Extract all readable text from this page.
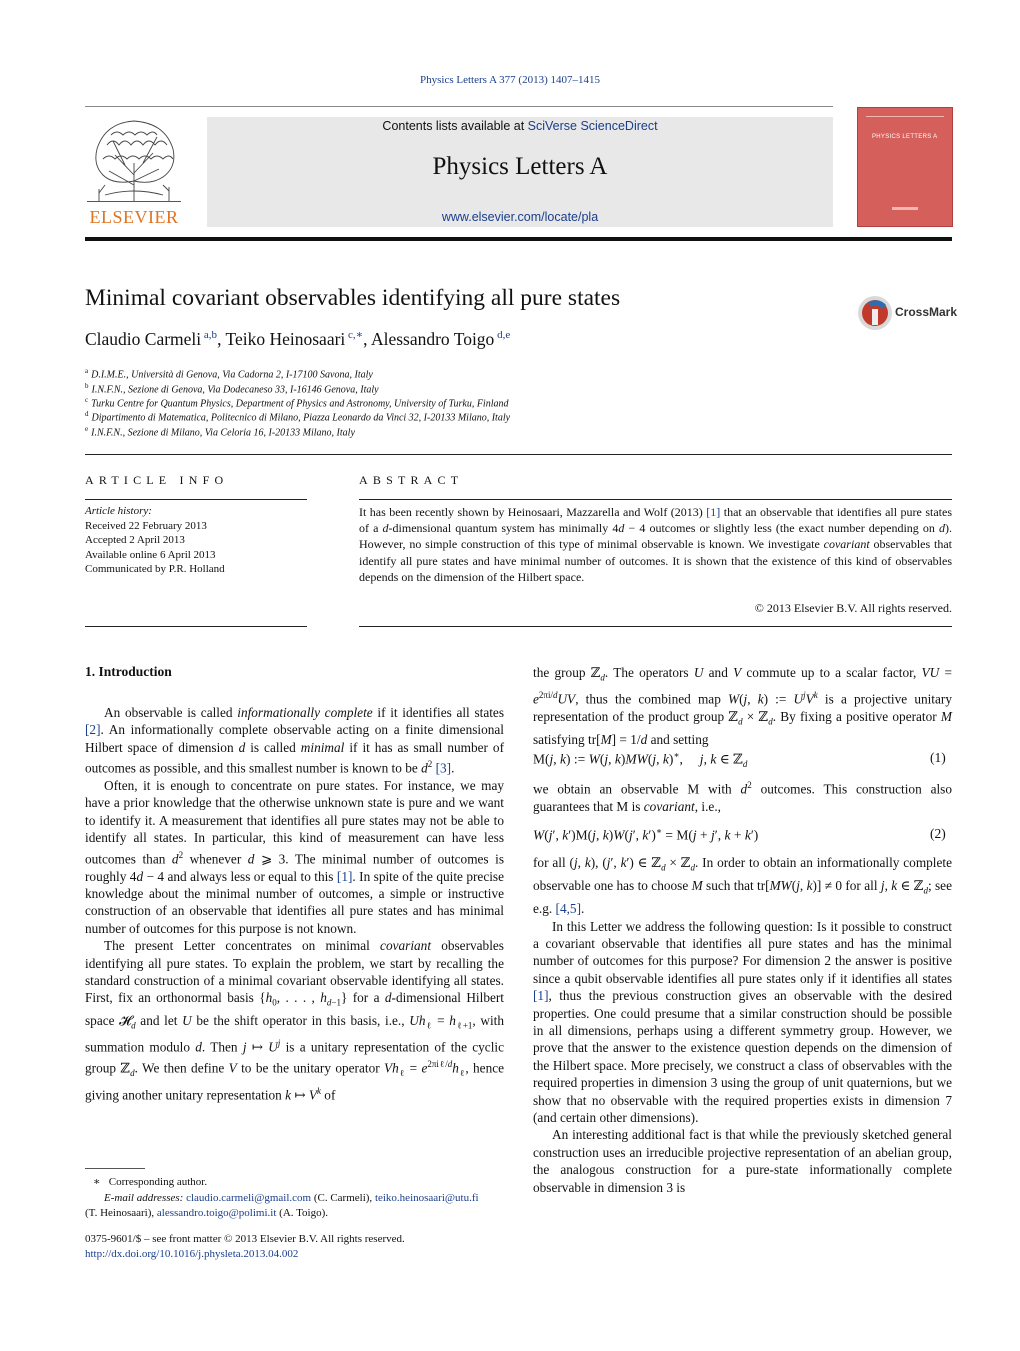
Physics Letters A 377 (2013) 1407–1415
ELSEVIER
Contents lists available at SciVerse ScienceDirect
Physics Letters A
www.elsevier.com/locate/pla
PHYSICS LETTERS A
Minimal covariant observables identifying all pure states
CrossMark
Claudio Carmeli $^{a,b}$, Teiko Heinosaari $^{c,∗}$, Alessandro Toigo $^{d,e}$
$^a$ D.I.M.E., Università di Genova, Via Cadorna 2, I-17100 Savona, Italy
$^b$ I.N.F.N., Sezione di Genova, Via Dodecaneso 33, I-16146 Genova, Italy
$^c$ Turku Centre for Quantum Physics, Department of Physics and Astronomy, University of Turku, Finland
$^d$ Dipartimento di Matematica, Politecnico di Milano, Piazza Leonardo da Vinci 32, I-20133 Milano, Italy
$^e$ I.N.F.N., Sezione di Milano, Via Celoria 16, I-20133 Milano, Italy
ARTICLE INFO
Article history:
Received 22 February 2013
Accepted 2 April 2013
Available online 6 April 2013
Communicated by P.R. Holland
ABSTRACT
It has been recently shown by Heinosaari, Mazzarella and Wolf (2013) [1] that an observable that identifies all pure states of a d-dimensional quantum system has minimally 4d − 4 outcomes or slightly less (the exact number depending on d). However, no simple construction of this type of minimal observable is known. We investigate covariant observables that identify all pure states and have minimal number of outcomes. It is shown that the existence of this kind of observables depends on the dimension of the Hilbert space.
© 2013 Elsevier B.V. All rights reserved.
1. Introduction

An observable is called informationally complete if it identifies all states [2]. An informationally complete observable acting on a finite dimensional Hilbert space of dimension d is called minimal if it has as small number of outcomes as possible, and this smallest number is known to be $d^2$ [3].

Often, it is enough to concentrate on pure states. For instance, we may have a prior knowledge that the otherwise unknown state is pure and we want to identify it. A measurement that identifies all pure states may not be able to identify all states. In particular, this kind of measurement can have less outcomes than $d^2$ whenever d ⩾ 3. The minimal number of outcomes is roughly 4d − 4 and always less or equal to this [1]. In spite of the quite precise knowledge about the minimal number of outcomes, a simple or instructive construction of an observable that identifies all pure states and has minimal number of outcomes for this purpose is not known.

The present Letter concentrates on minimal covariant observables identifying all pure states. To explain the problem, we start by recalling the standard construction of a minimal covariant observable identifying all states. First, fix an orthonormal basis {$h_0$, . . . , $h_{d-1}$} for a d-dimensional Hilbert space 𝓗$_d$ and let U be the shift operator in this basis, i.e., $Uh_\ell = h_{\ell+1}$, with summation modulo d. Then j ↦ $U^j$ is a unitary representation of the cyclic group ℤ$_d$. We then define V to be the unitary operator $Vh_\ell = e^{2\pi i\ell/d}h_\ell$, hence giving another unitary representation k ↦ $V^k$ of

the group ℤ$_d$. The operators U and V commute up to a scalar factor, VU = $e^{2\pi i/d}UV$, thus the combined map W(j, k) := $U^jV^k$ is a projective unitary representation of the product group ℤ$_d$ × ℤ$_d$. By fixing a positive operator M satisfying tr[M] = 1/d and setting

M(j, k) := W(j, k)MW(j, k)∗,     j, k ∈ ℤ$_d$	(1)

we obtain an observable M with $d^2$ outcomes. This construction also guarantees that M is covariant, i.e.,

W(j′, k′)M(j, k)W(j′, k′)∗ = M(j + j′, k + k′)	(2)

for all (j, k), (j′, k′) ∈ ℤ$_d$ × ℤ$_d$. In order to obtain an informationally complete observable one has to choose M such that tr[MW(j, k)] ≠ 0 for all j, k ∈ ℤ$_d$; see e.g. [4,5].

In this Letter we address the following question: Is it possible to construct a covariant observable that identifies all pure states and has the minimal number of outcomes for this purpose? For dimension 2 the answer is positive since a qubit observable identifies all pure states only if it identifies all states [1], thus the previous construction gives an observable with the desired properties. One could presume that a similar construction should be possible in all dimensions, perhaps using a different symmetry group. However, we prove that the answer to the existence question depends on the dimension of the Hilbert space. More precisely, we construct a class of observables with the required properties in dimension 3 using the group of unit quaternions, but we show that no observable with the required properties exists in dimension 7 (and certain other dimensions).

An interesting additional fact is that while the previously sketched general construction uses an irreducible projective representation of an abelian group, the analogous construction for a pure-state informationally complete observable in dimension 3 is

∗ Corresponding author.
E-mail addresses: claudio.carmeli@gmail.com (C. Carmeli), teiko.heinosaari@utu.fi
(T. Heinosaari), alessandro.toigo@polimi.it (A. Toigo).
0375-9601/$ – see front matter © 2013 Elsevier B.V. All rights reserved.
http://dx.doi.org/10.1016/j.physleta.2013.04.002
